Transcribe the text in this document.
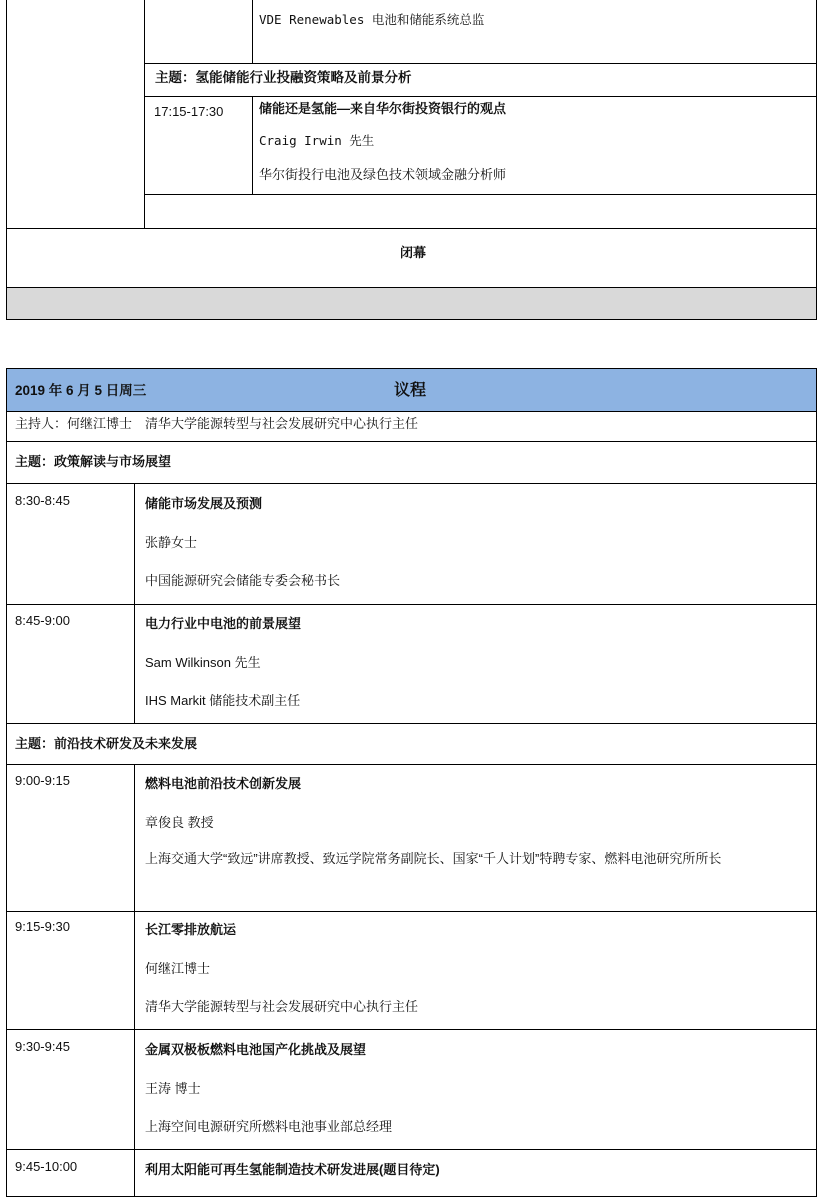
VDE Renewables 电池和储能系统总监
主题：氢能储能行业投融资策略及前景分析
17:15-17:30	储能还是氢能—来自华尔街投资银行的观点
Craig Irwin 先生
华尔街投行电池及绿色技术领域金融分析师
闭幕
2019 年 6 月 5 日周三	议程
主持人：何继江博士　清华大学能源转型与社会发展研究中心执行主任
主题：政策解读与市场展望
8:30-8:45	储能市场发展及预测
张静女士
中国能源研究会储能专委会秘书长
8:45-9:00	电力行业中电池的前景展望
Sam Wilkinson 先生
IHS Markit 储能技术副主任
主题：前沿技术研发及未来发展
9:00-9:15	燃料电池前沿技术创新发展
章俊良 教授
上海交通大学“致远”讲席教授、致远学院常务副院长、国家“千人计划”特聘专家、燃料电池研究所所长
9:15-9:30	长江零排放航运
何继江博士
清华大学能源转型与社会发展研究中心执行主任
9:30-9:45	金属双极板燃料电池国产化挑战及展望
王涛 博士
上海空间电源研究所燃料电池事业部总经理
9:45-10:00	利用太阳能可再生氢能制造技术研发进展(题目待定)
